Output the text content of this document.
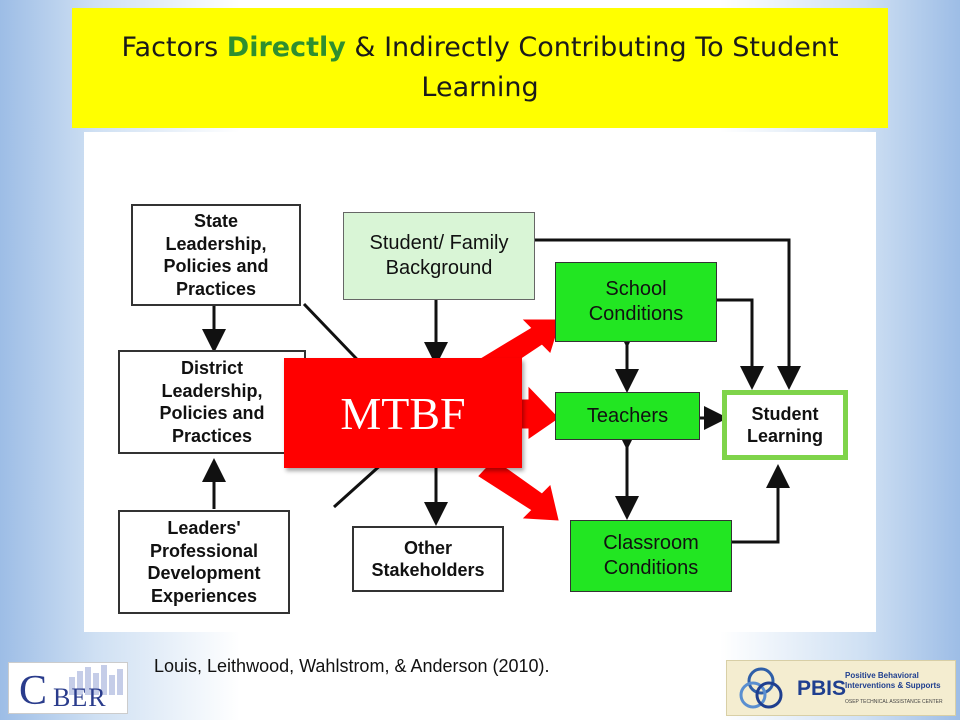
Factors Directly & Indirectly Contributing To Student Learning
State
Leadership,
Policies and
Practices
District
Leadership,
Policies and
Practices
Leaders'
Professional
Development
Experiences
Student/ Family
Background
School
Conditions
Teachers
Classroom
Conditions
Other
Stakeholders
Student
Learning
MTBF
Louis, Leithwood, Wahlstrom, & Anderson (2010).
C BER	PBIS
Positive Behavioral
Interventions & Supports
OSEP TECHNICAL ASSISTANCE CENTER
